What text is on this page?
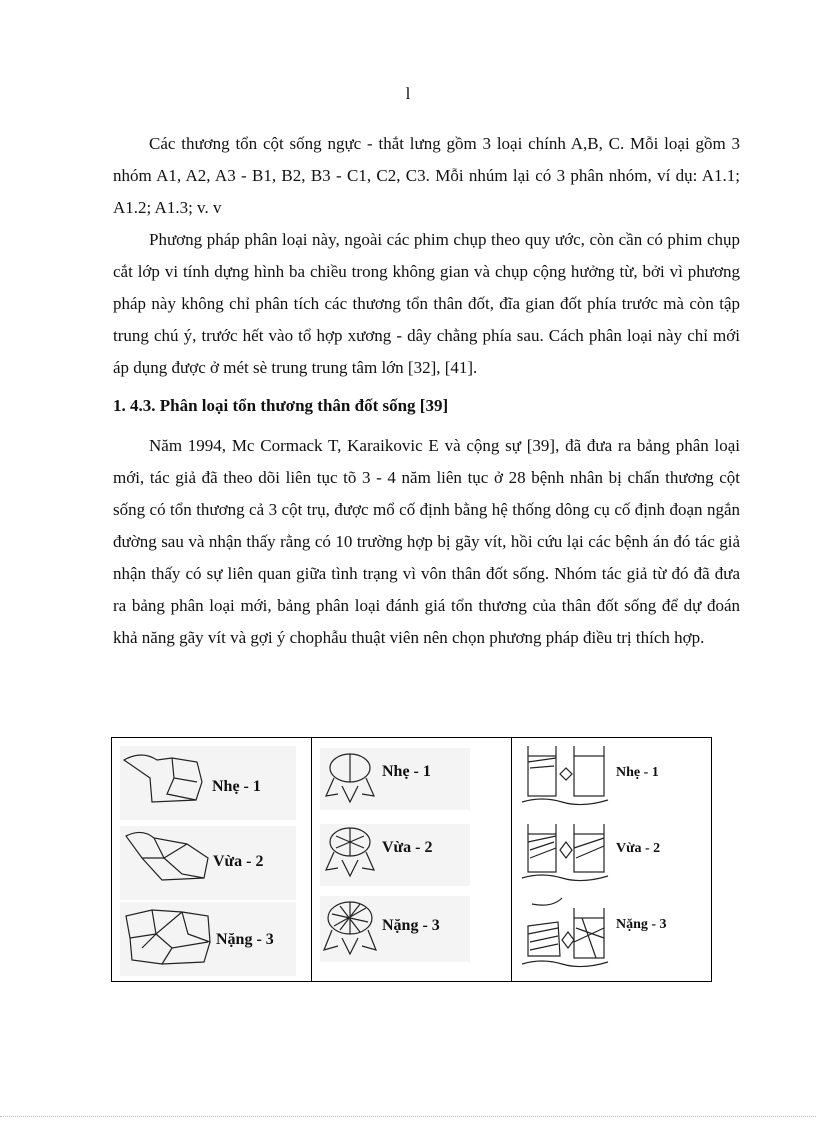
l

Các thương tổn cột sống ngực - thắt lưng gồm 3 loại chính A,B, C. Mỗi loại gồm 3 nhóm A1, A2, A3 - B1, B2, B3 - C1, C2, C3. Mỗi nhúm lại có 3 phân nhóm, ví dụ: A1.1; A1.2; A1.3; v. v

Phương pháp phân loại này, ngoài các phim chụp theo quy ước, còn cần có phim chụp cắt lớp vi tính dựng hình ba chiều trong không gian và chụp cộng hưởng từ, bởi vì phương pháp này không chỉ phân tích các thương tổn thân đốt, đĩa gian đốt phía trước mà còn tập trung chú ý, trước hết vào tổ hợp xương - dây chằng phía sau. Cách phân loại này chỉ mới áp dụng được ở mét sè trung trung tâm lớn [32], [41].

1. 4.3. Phân loại tổn thương thân đốt sống [39]

Năm 1994, Mc Cormack T, Karaikovic E và cộng sự [39], đã đưa ra bảng phân loại mới, tác giả đã theo dõi liên tục tõ 3 - 4 năm liên tục ở 28 bệnh nhân bị chấn thương cột sống có tổn thương cả 3 cột trụ, được mổ cố định bằng hệ thống dông cụ cố định đoạn ngắn đường sau và nhận thấy rằng có 10 trường hợp bị gãy vít, hồi cứu lại các bệnh án đó tác giả nhận thấy có sự liên quan giữa tình trạng vì vôn thân đốt sống. Nhóm tác giả từ đó đã đưa ra bảng phân loại mới, bảng phân loại đánh giá tổn thương của thân đốt sống để dự đoán khả năng gãy vít và gợi ý chophẫu thuật viên nên chọn phương pháp điều trị thích hợp.

Nhẹ - 1
Vừa - 2
Nặng - 3
Nhẹ - 1
Vừa - 2
Nặng - 3
Nhẹ - 1
Vừa - 2
Nặng - 3
